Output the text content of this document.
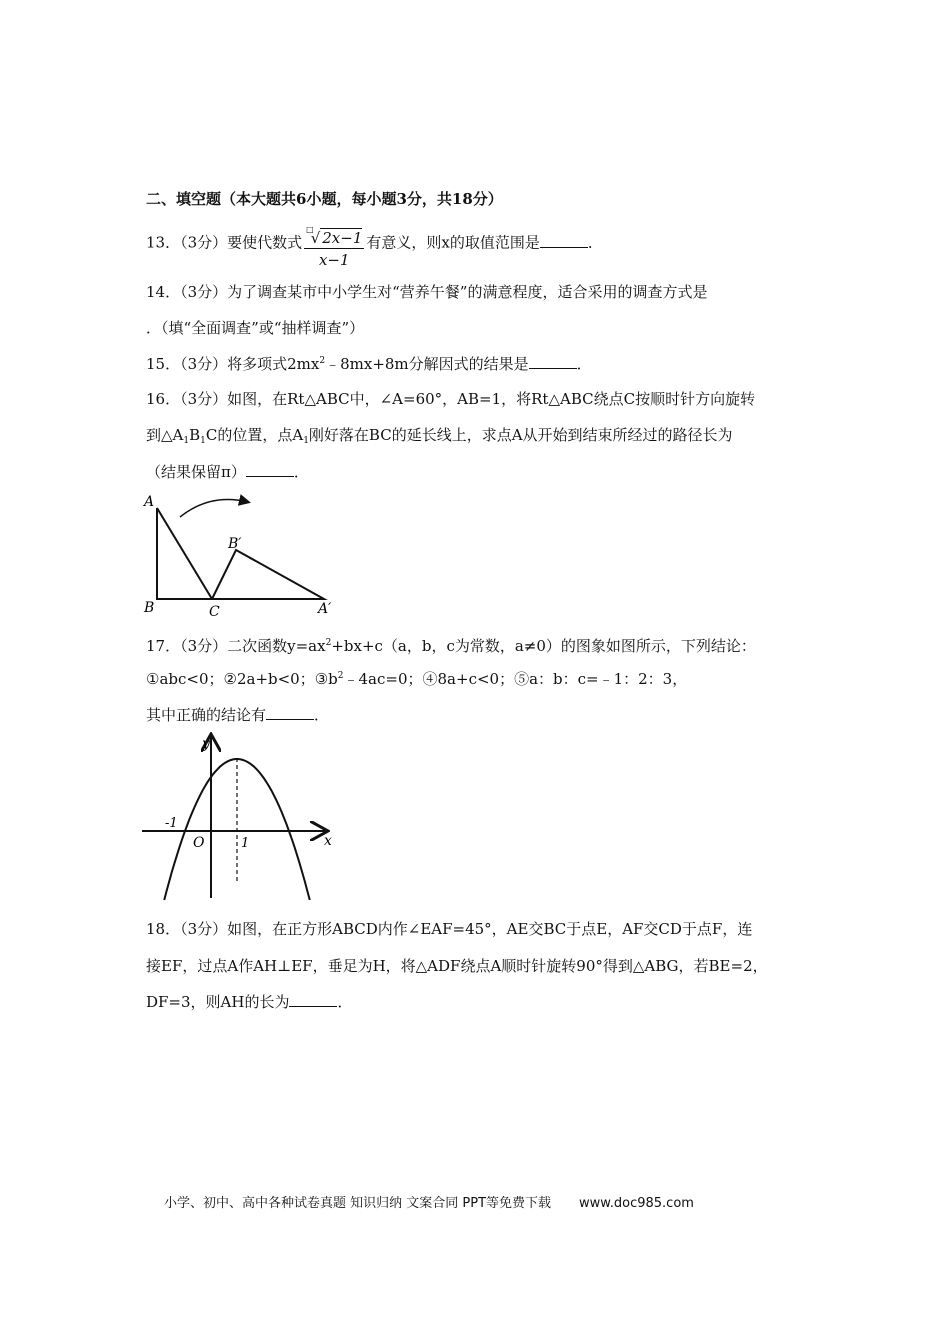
二、填空题（本大题共6小题，每小题3分，共18分）
13．（3分）要使代数式 $\frac{^□√ 2x-1}{x-1}$ 有意义，则x的取值范围是	．
14．（3分）为了调查某市中小学生对“营养午餐”的满意程度，适合采用的调查方式是
．（填“全面调查”或“抽样调查”）
15．（3分）将多项式$2mx^2﹣8mx+8m$分解因式的结果是	．
16．（3分）如图，在Rt△ABC中，∠A=60°，AB=1，将Rt△ABC绕点C按顺时针方向旋转
到$\triangle A_1B_1C$的位置，点$A_1$刚好落在BC的延长线上，求点A从开始到结束所经过的路径长为
（结果保留π）	．
A
B	C
B′
A′
17．（3分）二次函数$y=ax^2+bx+c(a$，b，c为常数，a≠0）的图象如图所示，下列结论：
①abc<0；②2a+b<0；$③b^2﹣4ac=0$；④8a+c<0；⑤a：b：c=﹣1：2：3，
其中正确的结论有	．
y
x
O
-1
1
18．（3分）如图，在正方形ABCD内作∠EAF=45°，AE交BC于点E，AF交CD于点F，连
接EF，过点A作AH⊥EF，垂足为H，将△ADF绕点A顺时针旋转90°得到△ABG，若BE=2，
DF=3，则AH的长为	．
小学、初中、高中各种试卷真题 知识归纳 文案合同 PPT等免费下载 www.doc985.com
